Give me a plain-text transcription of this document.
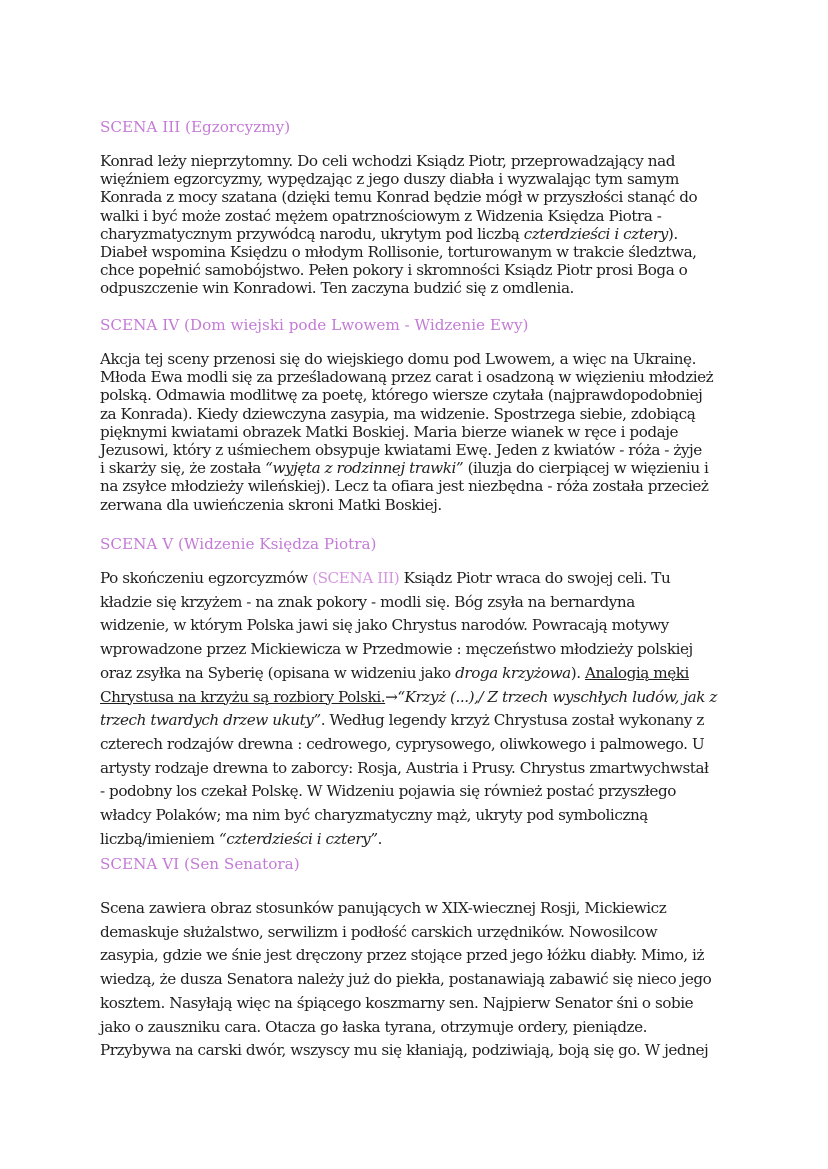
SCENA III (Egzorcyzmy)
Konrad leży nieprzytomny. Do celi wchodzi Ksiądz Piotr, przeprowadzający nad
więźniem egzorcyzmy, wypędzając z jego duszy diabła i wyzwalając tym samym
Konrada z mocy szatana (dzięki temu Konrad będzie mógł w przyszłości stanąć do
walki i być może zostać mężem opatrznościowym z Widzenia Księdza Piotra -
charyzmatycznym przywódcą narodu, ukrytym pod liczbą czterdzieści i cztery).
Diabeł wspomina Księdzu o młodym Rollisonie, torturowanym w trakcie śledztwa,
chce popełnić samobójstwo. Pełen pokory i skromności Ksiądz Piotr prosi Boga o
odpuszczenie win Konradowi. Ten zaczyna budzić się z omdlenia.
SCENA IV (Dom wiejski pode Lwowem - Widzenie Ewy)
Akcja tej sceny przenosi się do wiejskiego domu pod Lwowem, a więc na Ukrainę.
Młoda Ewa modli się za prześladowaną przez carat i osadzoną w więzieniu młodzież
polską. Odmawia modlitwę za poetę, którego wiersze czytała (najprawdopodobniej
za Konrada). Kiedy dziewczyna zasypia, ma widzenie. Spostrzega siebie, zdobiącą
pięknymi kwiatami obrazek Matki Boskiej. Maria bierze wianek w ręce i podaje
Jezusowi, który z uśmiechem obsypuje kwiatami Ewę. Jeden z kwiatów - róża - żyje
i skarży się, że została “wyjęta z rodzinnej trawki” (iluzja do cierpiącej w więzieniu i
na zsyłce młodzieży wileńskiej). Lecz ta ofiara jest niezbędna - róża została przecież
zerwana dla uwieńczenia skroni Matki Boskiej.
SCENA V (Widzenie Księdza Piotra)
Po skończeniu egzorcyzmów (SCENA III) Ksiądz Piotr wraca do swojej celi. Tu
kładzie się krzyżem - na znak pokory - modli się. Bóg zsyła na bernardyna
widzenie, w którym Polska jawi się jako Chrystus narodów. Powracają motywy
wprowadzone przez Mickiewicza w Przedmowie : męczeństwo młodzieży polskiej
oraz zsyłka na Syberię (opisana w widzeniu jako droga krzyżowa). Analogią męki
Chrystusa na krzyżu są rozbiory Polski.→“Krzyż (...),/ Z trzech wyschłych ludów, jak z
trzech twardych drzew ukuty”. Według legendy krzyż Chrystusa został wykonany z
czterech rodzajów drewna : cedrowego, cyprysowego, oliwkowego i palmowego. U
artysty rodzaje drewna to zaborcy: Rosja, Austria i Prusy. Chrystus zmartwychwstał
- podobny los czekał Polskę. W Widzeniu pojawia się również postać przyszłego
władcy Polaków; ma nim być charyzmatyczny mąż, ukryty pod symboliczną
liczbą/imieniem “czterdzieści i cztery”.
SCENA VI (Sen Senatora)
Scena zawiera obraz stosunków panujących w XIX-wiecznej Rosji, Mickiewicz
demaskuje służalstwo, serwilizm i podłość carskich urzędników. Nowosilcow
zasypia, gdzie we śnie jest dręczony przez stojące przed jego łóżku diabły. Mimo, iż
wiedzą, że dusza Senatora należy już do piekła, postanawiają zabawić się nieco jego
kosztem. Nasyłają więc na śpiącego koszmarny sen. Najpierw Senator śni o sobie
jako o zauszniku cara. Otacza go łaska tyrana, otrzymuje ordery, pieniądze.
Przybywa na carski dwór, wszyscy mu się kłaniają, podziwiają, boją się go. W jednej
